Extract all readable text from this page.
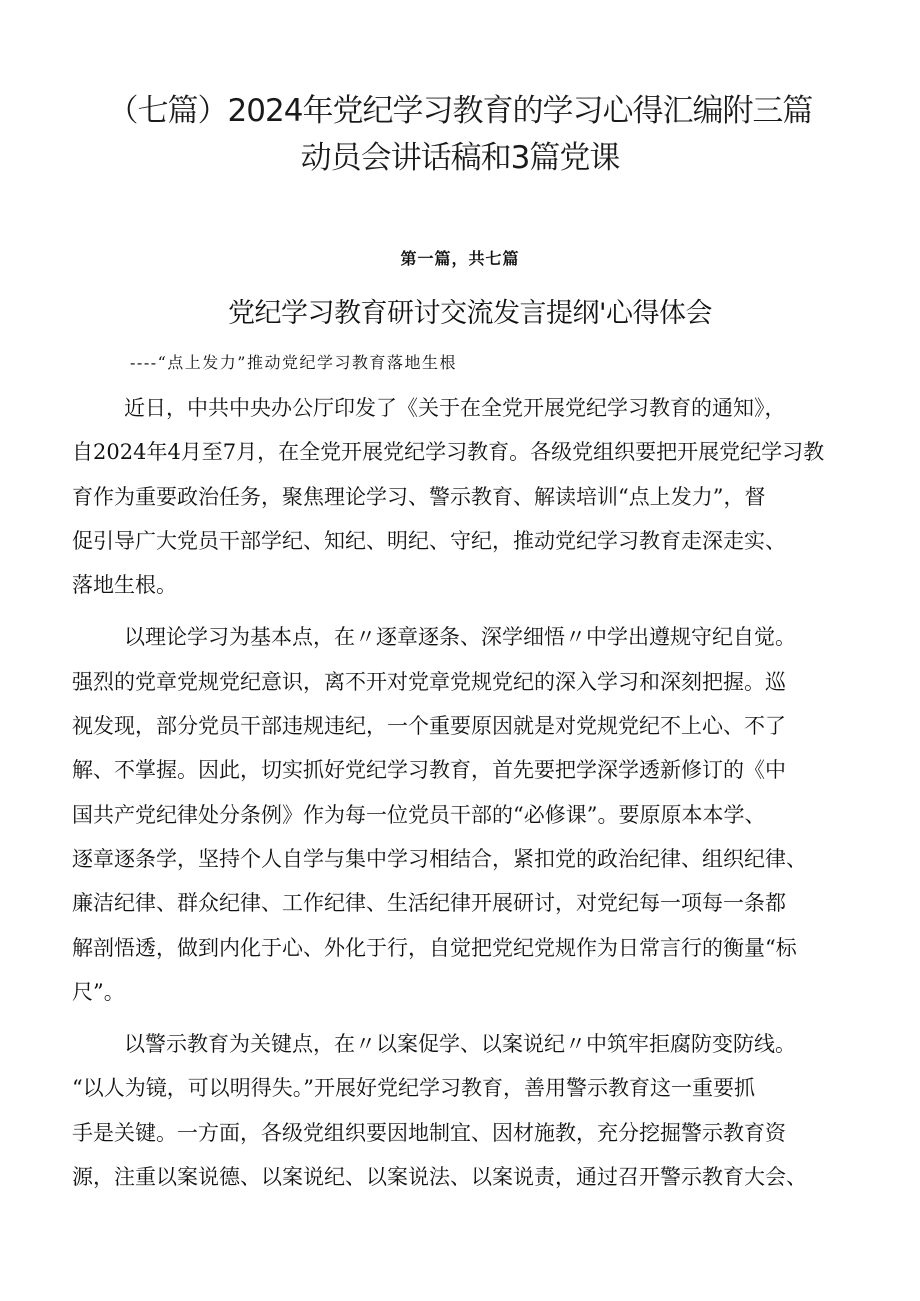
（七篇）2024年党纪学习教育的学习心得汇编附三篇
动员会讲话稿和3篇党课
第一篇，共七篇
党纪学习教育研讨交流发言提纲'心得体会
----“点上发力”推动党纪学习教育落地生根
近日，中共中央办公厅印发了《关于在全党开展党纪学习教育的通知》，
自2024年4月至7月，在全党开展党纪学习教育。各级党组织要把开展党纪学习教
育作为重要政治任务，聚焦理论学习、警示教育、解读培训“点上发力”，督
促引导广大党员干部学纪、知纪、明纪、守纪，推动党纪学习教育走深走实、
落地生根。
以理论学习为基本点，在〃逐章逐条、深学细悟〃中学出遵规守纪自觉。
强烈的党章党规党纪意识，离不开对党章党规党纪的深入学习和深刻把握。巡
视发现，部分党员干部违规违纪，一个重要原因就是对党规党纪不上心、不了
解、不掌握。因此，切实抓好党纪学习教育，首先要把学深学透新修订的《中
国共产党纪律处分条例》作为每一位党员干部的“必修课”。要原原本本学、
逐章逐条学，坚持个人自学与集中学习相结合，紧扣党的政治纪律、组织纪律、
廉洁纪律、群众纪律、工作纪律、生活纪律开展研讨，对党纪每一项每一条都
解剖悟透，做到内化于心、外化于行，自觉把党纪党规作为日常言行的衡量“标
尺”。
以警示教育为关键点，在〃以案促学、以案说纪〃中筑牢拒腐防变防线。
“以人为镜，可以明得失。”开展好党纪学习教育，善用警示教育这一重要抓
手是关键。一方面，各级党组织要因地制宜、因材施教，充分挖掘警示教育资
源，注重以案说德、以案说纪、以案说法、以案说责，通过召开警示教育大会、
